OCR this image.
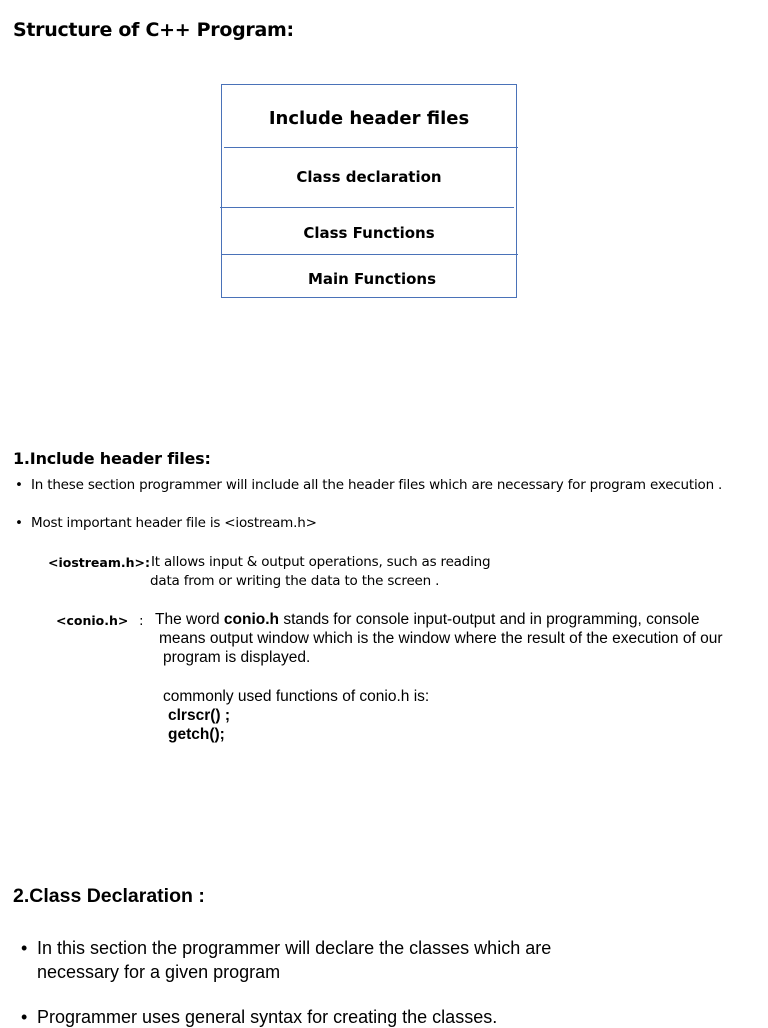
Structure of C++ Program:
Include header files
Class declaration
Class Functions
Main Functions
1.Include header files:
• In these section programmer will include all the header files which are necessary for program execution .
• Most important header file is <iostream.h>
<iostream.h>: It allows input & output operations, such as reading
data from or writing the data to the screen .
<conio.h> : The word conio.h stands for console input-output and in programming, console
means output window which is the window where the result of the execution of our
program is displayed.
commonly used functions of conio.h is:
clrscr() ;
getch();
2.Class Declaration :
• In this section the programmer will declare the classes which are
necessary for a given program
• Programmer uses general syntax for creating the classes.
